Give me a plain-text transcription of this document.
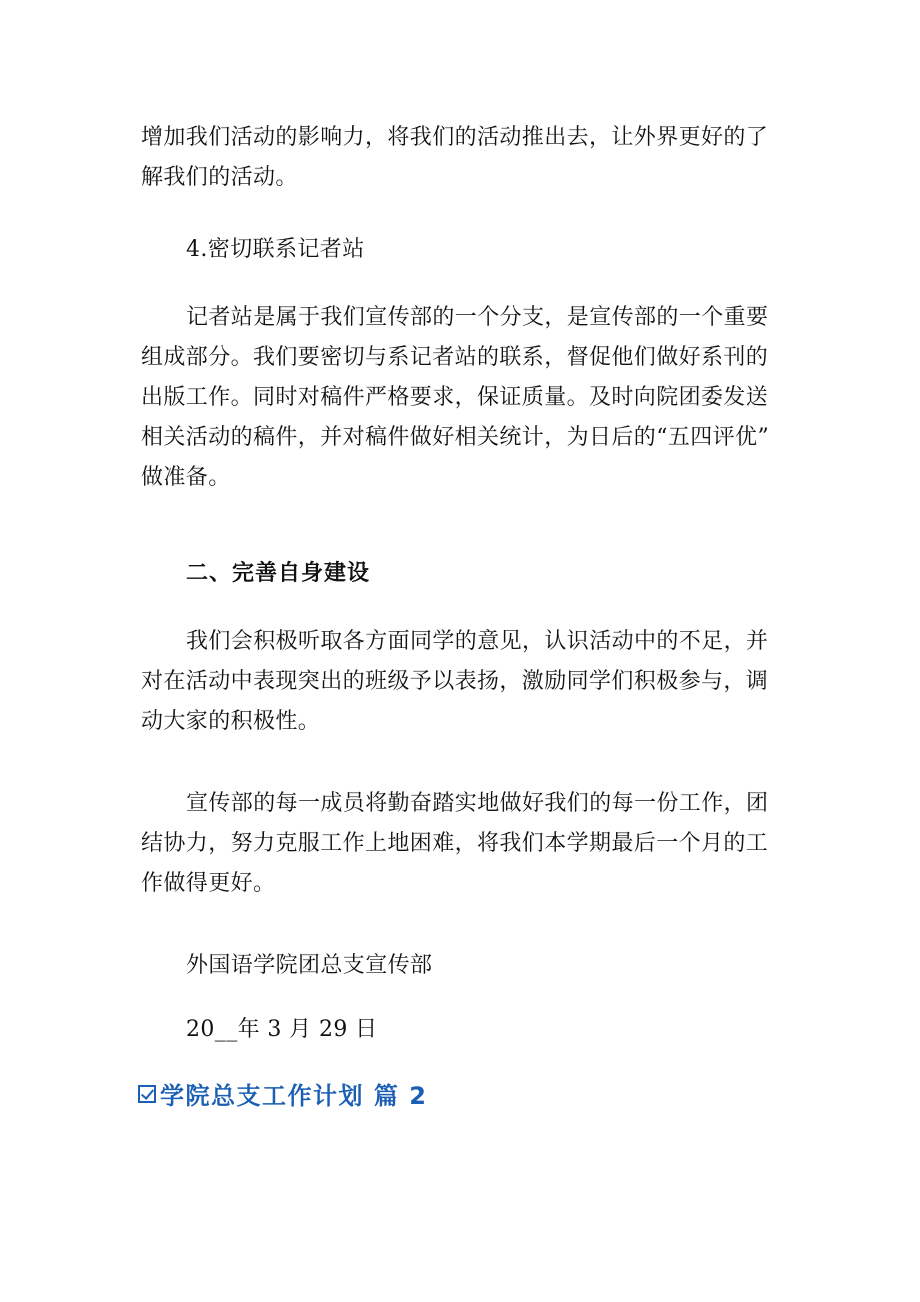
增加我们活动的影响力，将我们的活动推出去，让外界更好的了
解我们的活动。
4.密切联系记者站
记者站是属于我们宣传部的一个分支，是宣传部的一个重要
组成部分。我们要密切与系记者站的联系，督促他们做好系刊的
出版工作。同时对稿件严格要求，保证质量。及时向院团委发送
相关活动的稿件，并对稿件做好相关统计，为日后的“五四评优”
做准备。
二、完善自身建设
我们会积极听取各方面同学的意见，认识活动中的不足，并
对在活动中表现突出的班级予以表扬，激励同学们积极参与，调
动大家的积极性。
宣传部的每一成员将勤奋踏实地做好我们的每一份工作，团
结协力，努力克服工作上地困难，将我们本学期最后一个月的工
作做得更好。
外国语学院团总支宣传部
20__年 3 月 29 日
学院总支工作计划 篇 2
